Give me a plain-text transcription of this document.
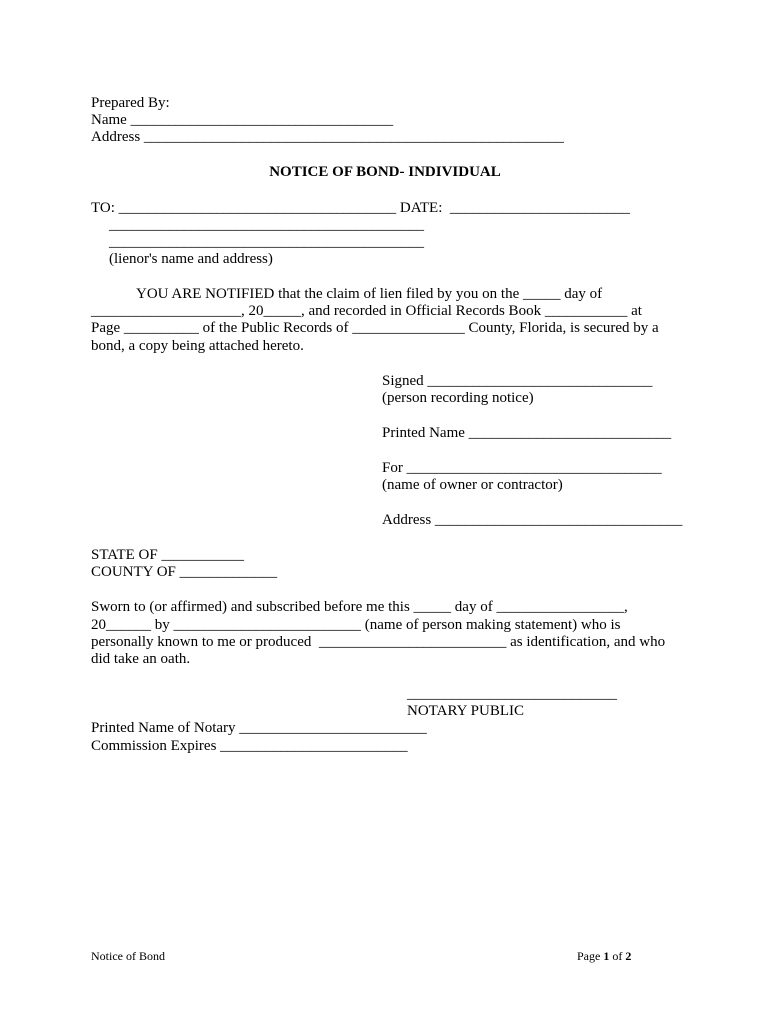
Prepared By:
Name ___________________________________
Address ________________________________________________________
NOTICE OF BOND- INDIVIDUAL
TO: _____________________________________ DATE:  ________________________
__________________________________________
__________________________________________
(lienor's name and address)
YOU ARE NOTIFIED that the claim of lien filed by you on the _____ day of
____________________, 20_____, and recorded in Official Records Book ___________ at
Page __________ of the Public Records of _______________ County, Florida, is secured by a
bond, a copy being attached hereto.
Signed ______________________________
(person recording notice)
Printed Name ___________________________
For __________________________________
(name of owner or contractor)
Address _________________________________
STATE OF ___________
COUNTY OF _____________
Sworn to (or affirmed) and subscribed before me this _____ day of _________________,
20______ by _________________________ (name of person making statement) who is
personally known to me or produced  _________________________ as identification, and who
did take an oath.
____________________________
NOTARY PUBLIC
Printed Name of Notary _________________________
Commission Expires _________________________
Notice of Bond	Page 1 of 2
